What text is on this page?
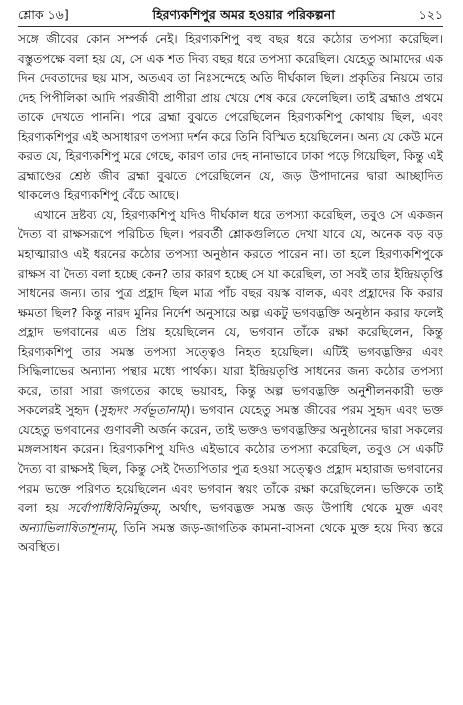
শ্লোক ১৬]	হিরণ্যকশিপুর অমর হওয়ার পরিকল্পনা	১২১

সঙ্গে জীবের কোন সম্পর্ক নেই। হিরণ্যকশিপু বহু বছর ধরে কঠোর তপস্যা করেছিল। বস্তুতপক্ষে বলা হয় যে, সে এক শত দিব্য বছর ধরে তপস্যা করেছিল। যেহেতু আমাদের এক দিন দেবতাদের ছয় মাস, অতএব তা নিঃসন্দেহে অতি দীর্ঘকাল ছিল। প্রকৃতির নিয়মে তার দেহ পিপীলিকা আদি পরজীবী প্রাণীরা প্রায় খেয়ে শেষ করে ফেলেছিল। তাই ব্রহ্মাও প্রথমে তাকে দেখতে পাননি। পরে ব্রহ্মা বুঝতে পেরেছিলেন হিরণ্যকশিপু কোথায় ছিল, এবং হিরণ্যকশিপুর এই অসাধারণ তপস্যা দর্শন করে তিনি বিস্মিত হয়েছিলেন। অন্য যে কেউ মনে করত যে, হিরণ্যকশিপু মরে গেছে, কারণ তার দেহ নানাভাবে ঢাকা পড়ে গিয়েছিল, কিন্তু এই ব্রহ্মাণ্ডের শ্রেষ্ঠ জীব ব্রহ্মা বুঝতে পেরেছিলেন যে, জড় উপাদানের দ্বারা আচ্ছাদিত থাকলেও হিরণ্যকশিপু বেঁচে আছে।

এখানে দ্রষ্টব্য যে, হিরণ্যকশিপু যদিও দীর্ঘকাল ধরে তপস্যা করেছিল, তবুও সে একজন দৈত্য বা রাক্ষসরূপে পরিচিত ছিল। পরবর্তী শ্লোকগুলিতে দেখা যাবে যে, অনেক বড় বড় মহাত্মারাও এই ধরনের কঠোর তপস্যা অনুষ্ঠান করতে পারেন না। তা হলে হিরণ্যকশিপুকে রাক্ষস বা দৈত্য বলা হচ্ছে কেন? তার কারণ হচ্ছে সে যা করেছিল, তা সবই তার ইন্দ্রিয়তৃপ্তি সাধনের জন্য। তার পুত্র প্রহ্লাদ ছিল মাত্র পাঁচ বছর বয়স্ক বালক, এবং প্রহ্লাদের কি করার ক্ষমতা ছিল? কিন্তু নারদ মুনির নির্দেশ অনুসারে অল্প একটু ভগবদ্ভক্তি অনুষ্ঠান করার ফলেই প্রহ্লাদ ভগবানের এত প্রিয় হয়েছিলেন যে, ভগবান তাঁকে রক্ষা করেছিলেন, কিন্তু হিরণ্যকশিপু তার সমস্ত তপস্যা সত্ত্বেও নিহত হয়েছিল। এটিই ভগবদ্ভক্তির এবং সিদ্ধিলাভের অন্যান্য পন্থার মধ্যে পার্থক্য। যারা ইন্দ্রিয়তৃপ্তি সাধনের জন্য কঠোর তপস্যা করে, তারা সারা জগতের কাছে ভয়াবহ, কিন্তু অল্প ভগবদ্ভক্তি অনুশীলনকারী ভক্ত সকলেরই সুহৃদ (সুহৃদং সর্বভূতানাম্)। ভগবান যেহেতু সমস্ত জীবের পরম সুহৃদ এবং ভক্ত যেহেতু ভগবানের গুণাবলী অর্জন করেন, তাই ভক্তও ভগবদ্ভক্তির অনুষ্ঠানের দ্বারা সকলের মঙ্গলসাধন করেন। হিরণ্যকশিপু যদিও এইভাবে কঠোর তপস্যা করেছিল, তবুও সে একটি দৈত্য বা রাক্ষসই ছিল, কিন্তু সেই দৈত্যপিতার পুত্র হওয়া সত্ত্বেও প্রহ্লাদ মহারাজ ভগবানের পরম ভক্তে পরিণত হয়েছিলেন এবং ভগবান স্বয়ং তাঁকে রক্ষা করেছিলেন। ভক্তিকে তাই বলা হয় সর্বোপাধিবিনির্মুক্তম্, অর্থাৎ, ভগবদ্ভক্ত সমস্ত জড় উপাধি থেকে মুক্ত এবং অন্যাভিলাষিতাশূন্যম্, তিনি সমস্ত জড়-জাগতিক কামনা-বাসনা থেকে মুক্ত হয়ে দিব্য স্তরে অবস্থিত।
